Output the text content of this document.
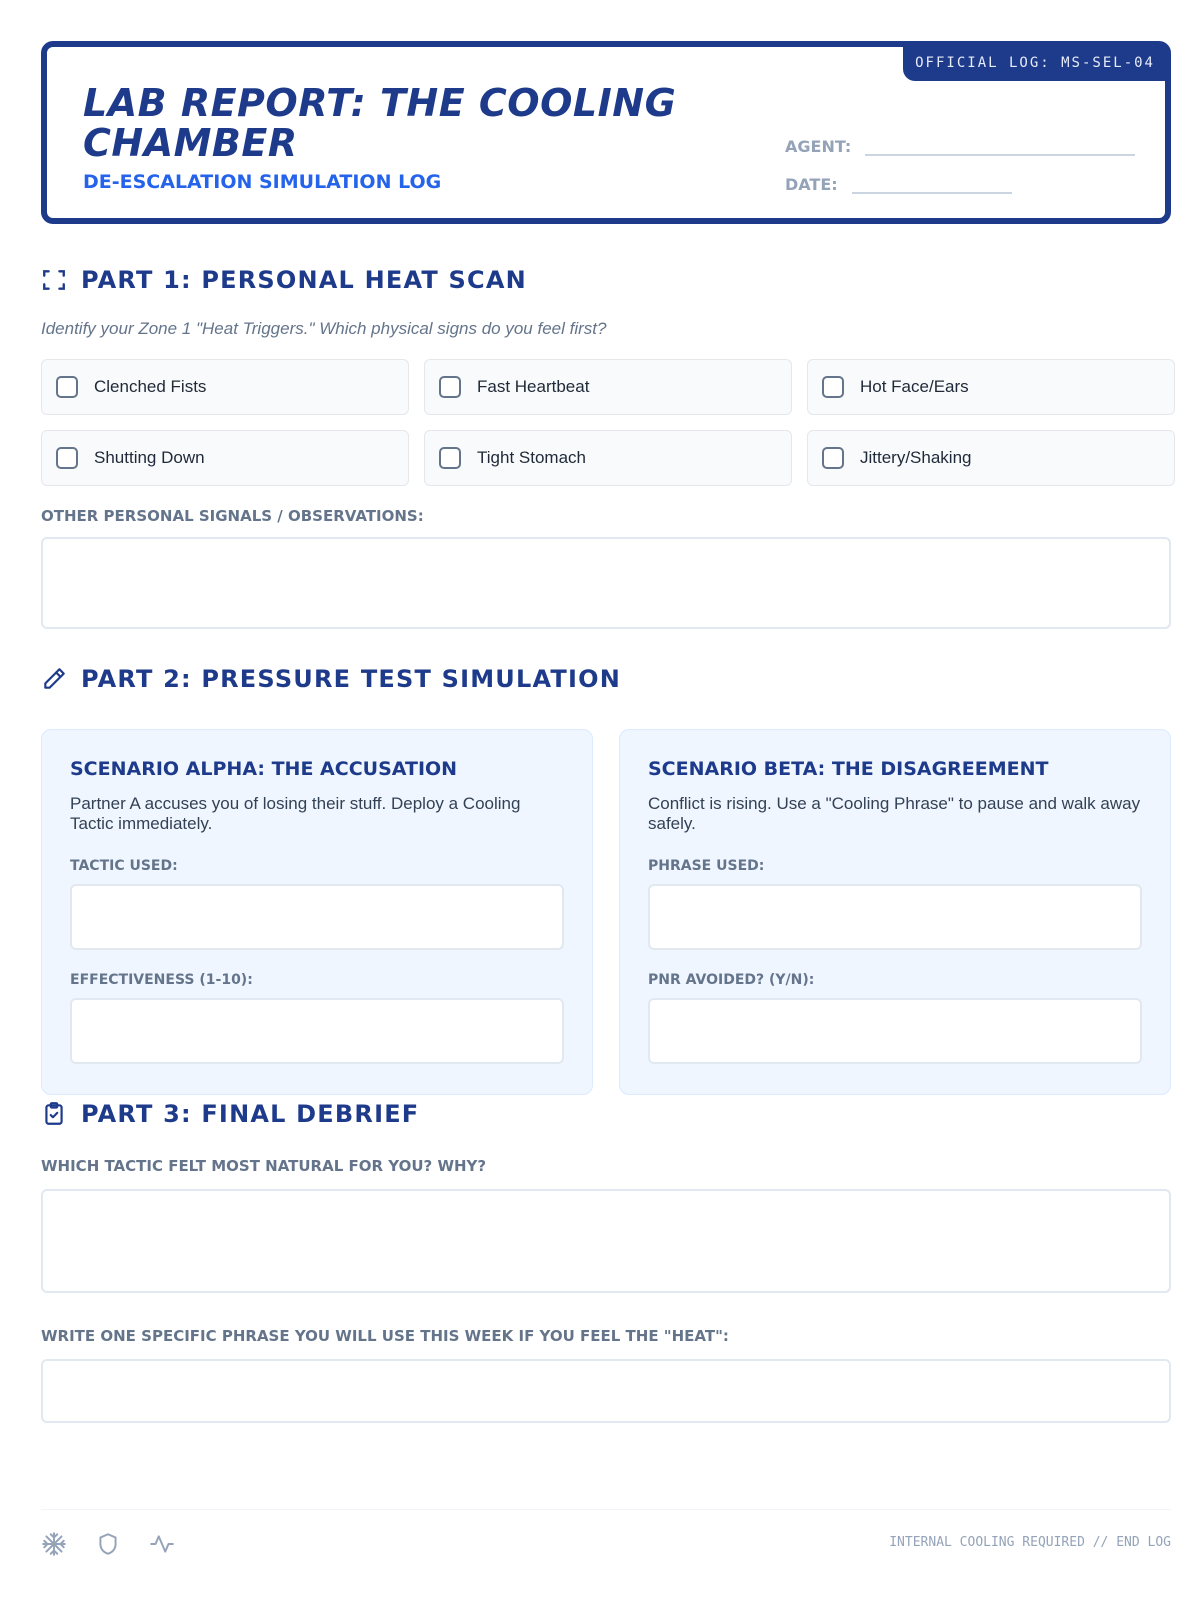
OFFICIAL LOG: MS-SEL-04
LAB REPORT: THE COOLING CHAMBER
DE-ESCALATION SIMULATION LOG
AGENT:
DATE:
PART 1: PERSONAL HEAT SCAN
Identify your Zone 1 "Heat Triggers." Which physical signs do you feel first?
Clenched Fists	Fast Heartbeat	Hot Face/Ears
Shutting Down	Tight Stomach	Jittery/Shaking
OTHER PERSONAL SIGNALS / OBSERVATIONS:
PART 2: PRESSURE TEST SIMULATION
SCENARIO ALPHA: THE ACCUSATION
Partner A accuses you of losing their stuff. Deploy a Cooling Tactic immediately.
TACTIC USED:
EFFECTIVENESS (1-10):
SCENARIO BETA: THE DISAGREEMENT
Conflict is rising. Use a "Cooling Phrase" to pause and walk away safely.
PHRASE USED:
PNR AVOIDED? (Y/N):
PART 3: FINAL DEBRIEF
WHICH TACTIC FELT MOST NATURAL FOR YOU? WHY?
WRITE ONE SPECIFIC PHRASE YOU WILL USE THIS WEEK IF YOU FEEL THE "HEAT":
INTERNAL COOLING REQUIRED // END LOG
